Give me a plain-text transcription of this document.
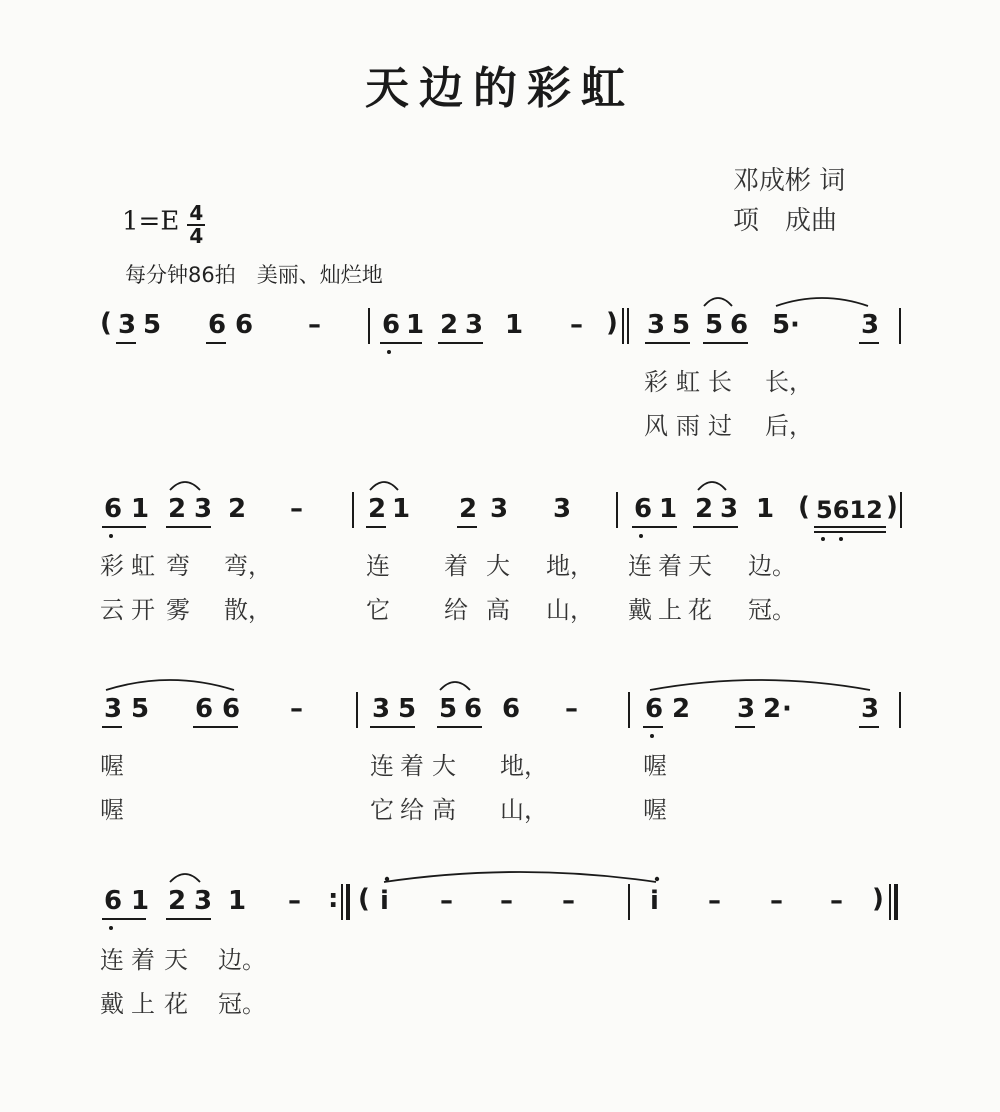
天边的彩虹
邓成彬 词
项　成曲
$1=E \frac{4}{4}$
每分钟86拍　美丽、灿烂地
( 3 5 6 6 – 6 1 2 3 1 – ) 3 5 5 6 5 · 3
彩 虹 长 长，
风 雨 过 后，
6 1 2 3 2 –	2 1 2 3 3 6 1 2 3 1 ( 5612 )
彩 虹 弯 弯，	连 着 大 地， 连 着 天 边。
云 开 雾 散，	它 给 高 山， 戴 上 花 冠。
3 5 6 6 –	3 5 5 6 6 –	6 2 3 2 ·	3
喔	连 着 大 地，	喔
喔	它 给 高 山，	喔
6 1 2 3 1 – : ( i – – –	i – – – )
连 着 天 边。
戴 上 花 冠。
